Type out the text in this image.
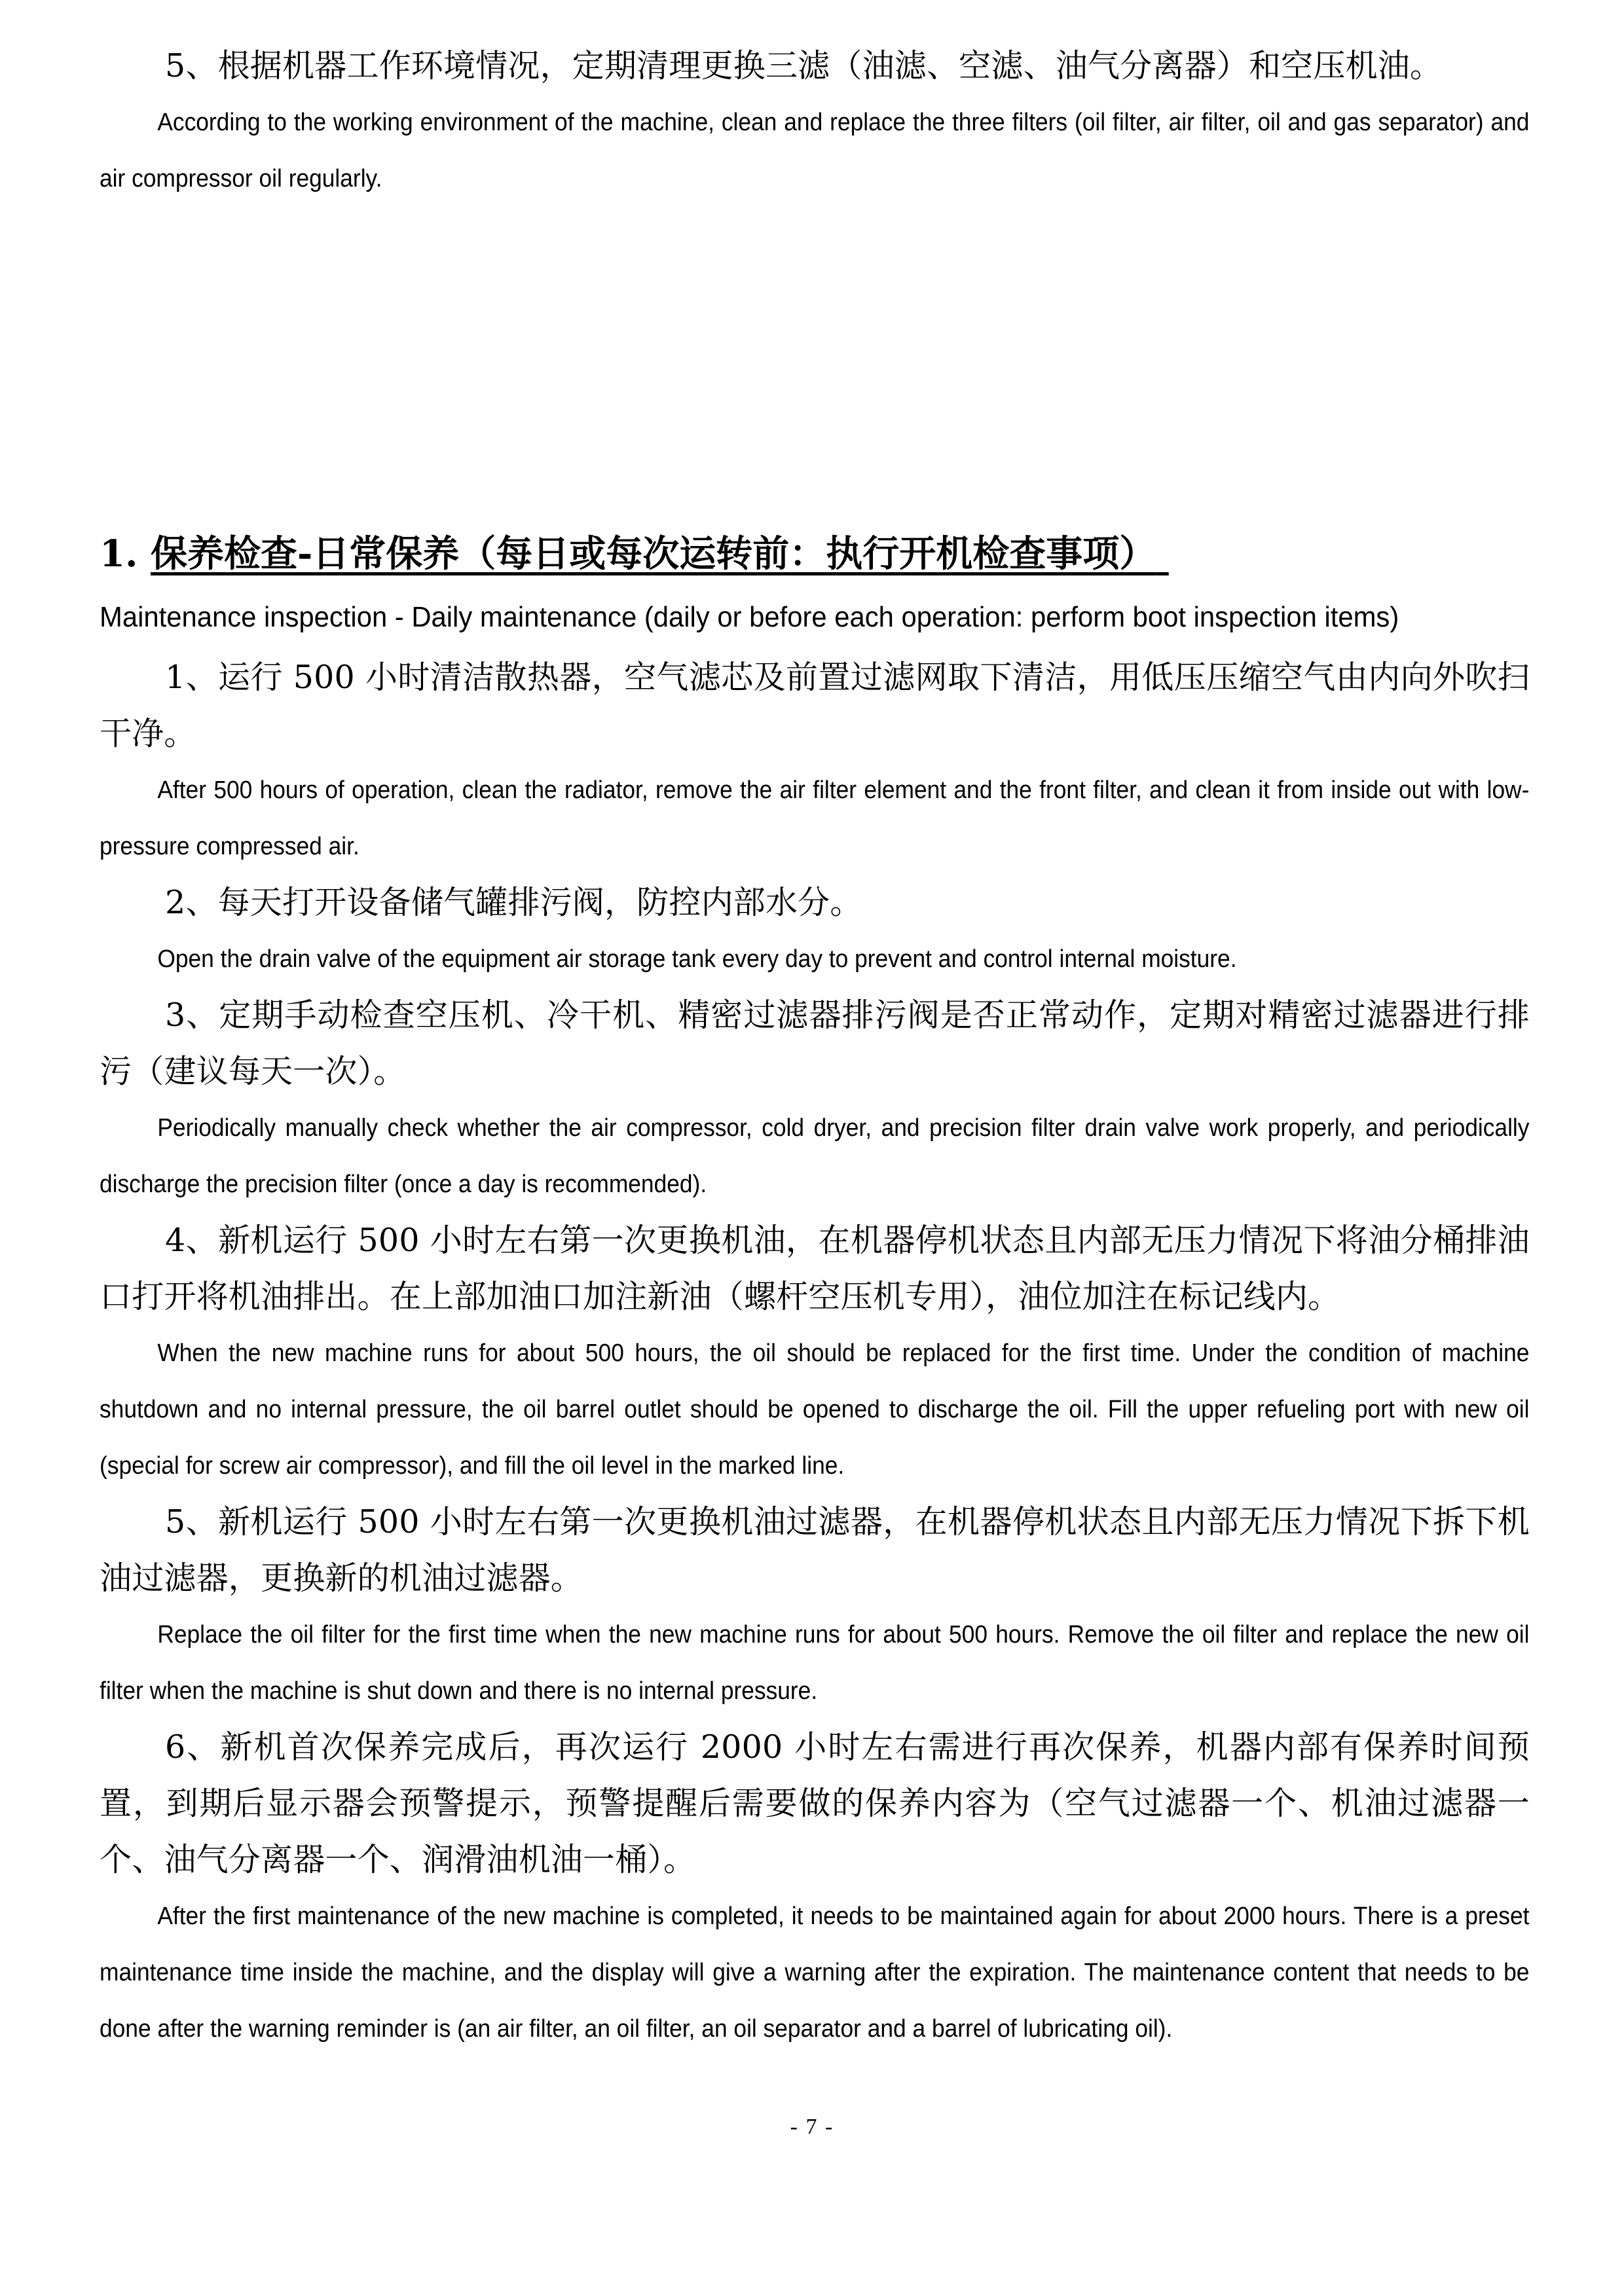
5、根据机器工作环境情况，定期清理更换三滤（油滤、空滤、油气分离器）和空压机油。

According to the working environment of the machine, clean and replace the three filters (oil filter, air filter, oil and gas separator) and air compressor oil regularly.

1. 保养检查-日常保养（每日或每次运转前：执行开机检查事项）

Maintenance inspection - Daily maintenance (daily or before each operation: perform boot inspection items)

1、运行 500 小时清洁散热器，空气滤芯及前置过滤网取下清洁，用低压压缩空气由内向外吹扫干净。

After 500 hours of operation, clean the radiator, remove the air filter element and the front filter, and clean it from inside out with low-pressure compressed air.

2、每天打开设备储气罐排污阀，防控内部水分。

Open the drain valve of the equipment air storage tank every day to prevent and control internal moisture.

3、定期手动检查空压机、冷干机、精密过滤器排污阀是否正常动作，定期对精密过滤器进行排污（建议每天一次）。

Periodically manually check whether the air compressor, cold dryer, and precision filter drain valve work properly, and periodically discharge the precision filter (once a day is recommended).

4、新机运行 500 小时左右第一次更换机油，在机器停机状态且内部无压力情况下将油分桶排油口打开将机油排出。在上部加油口加注新油（螺杆空压机专用），油位加注在标记线内。

When the new machine runs for about 500 hours, the oil should be replaced for the first time. Under the condition of machine shutdown and no internal pressure, the oil barrel outlet should be opened to discharge the oil. Fill the upper refueling port with new oil (special for screw air compressor), and fill the oil level in the marked line.

5、新机运行 500 小时左右第一次更换机油过滤器，在机器停机状态且内部无压力情况下拆下机油过滤器，更换新的机油过滤器。

Replace the oil filter for the first time when the new machine runs for about 500 hours. Remove the oil filter and replace the new oil filter when the machine is shut down and there is no internal pressure.

6、新机首次保养完成后，再次运行 2000 小时左右需进行再次保养，机器内部有保养时间预置，到期后显示器会预警提示，预警提醒后需要做的保养内容为（空气过滤器一个、机油过滤器一个、油气分离器一个、润滑油机油一桶）。

After the first maintenance of the new machine is completed, it needs to be maintained again for about 2000 hours. There is a preset maintenance time inside the machine, and the display will give a warning after the expiration. The maintenance content that needs to be done after the warning reminder is (an air filter, an oil filter, an oil separator and a barrel of lubricating oil).

- 7 -
